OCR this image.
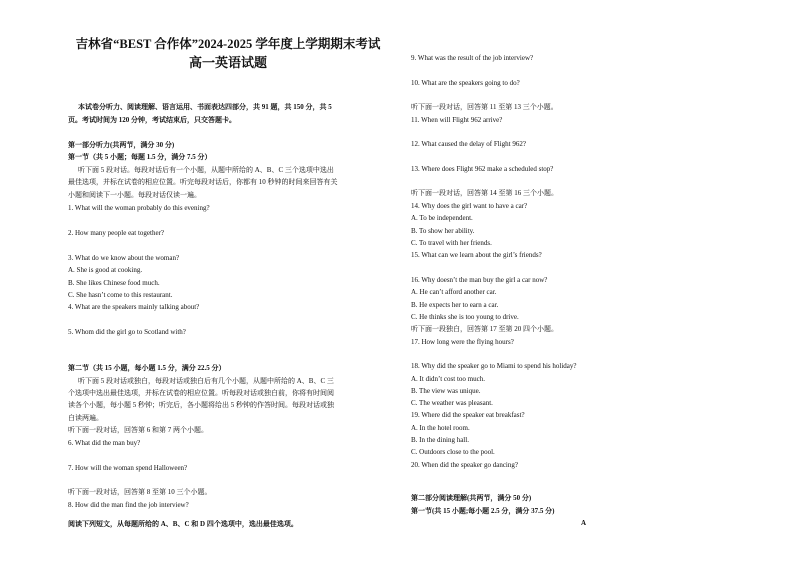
吉林省“BEST 合作体”2024-2025 学年度上学期期末考试
高一英语试题
本试卷分听力、阅读理解、语言运用、书面表达四部分，共 91 题，共 150 分，共 5
页。考试时间为 120 分钟，考试结束后，只交答题卡。
第一部分听力(共两节，满分 30 分)
第一节（共 5 小题；每题 1.5 分，满分 7.5 分）
听下面 5 段对话。每段对话后有一个小题，从题中所给的 A、B、C 三个选项中选出
最佳选项，并标在试卷的相应位置。听完每段对话后，你都有 10 秒钟的时间来回答有关
小题和阅读下一小题。每段对话仅读一遍。
1. What will the woman probably do this evening?
2. How many people eat together?
3. What do we know about the woman?
A. She is good at cooking.
B. She likes Chinese food much.
C. She hasn’t come to this restaurant.
4. What are the speakers mainly talking about?
5. Whom did the girl go to Scotland with?
第二节（共 15 小题，每小题 1.5 分，满分 22.5 分）
听下面 5 段对话或独白，每段对话或独白后有几个小题，从题中所给的 A、B、C 三
个选项中选出最佳选项，并标在试卷的相应位置。听每段对话或独白前，你将有时间阅
读各个小题，每小题 5 秒钟；听完后，各小题将给出 5 秒钟的作答时间。每段对话或独
白读两遍。
听下面一段对话，回答第 6 和第 7 两个小题。
6. What did the man buy?
7. How will the woman spend Halloween?
听下面一段对话，回答第 8 至第 10 三个小题。
8. How did the man find the job interview?
阅读下列短文，从每题所给的 A、B、C 和 D 四个选项中，选出最佳选项。
9. What was the result of the job interview?
10. What are the speakers going to do?
听下面一段对话，回答第 11 至第 13 三个小题。
11. When will Flight 962 arrive?
12. What caused the delay of Flight 962?
13. Where does Flight 962 make a scheduled stop?
听下面一段对话，回答第 14 至第 16 三个小题。
14. Why does the girl want to have a car?
A. To be independent.
B. To show her ability.
C. To travel with her friends.
15. What can we learn about the girl’s friends?
16. Why doesn’t the man buy the girl a car now?
A. He can’t afford another car.
B. He expects her to earn a car.
C. He thinks she is too young to drive.
听下面一段独白，回答第 17 至第 20 四个小题。
17. How long were the flying hours?
18. Why did the speaker go to Miami to spend his holiday?
A. It didn’t cost too much.
B. The view was unique.
C. The weather was pleasant.
19. Where did the speaker eat breakfast?
A. In the hotel room.
B. In the dining hall.
C. Outdoors close to the pool.
20. When did the speaker go dancing?
第二部分阅读理解(共两节，满分 50 分)
第一节(共 15 小题;每小题 2.5 分，满分 37.5 分)
A
